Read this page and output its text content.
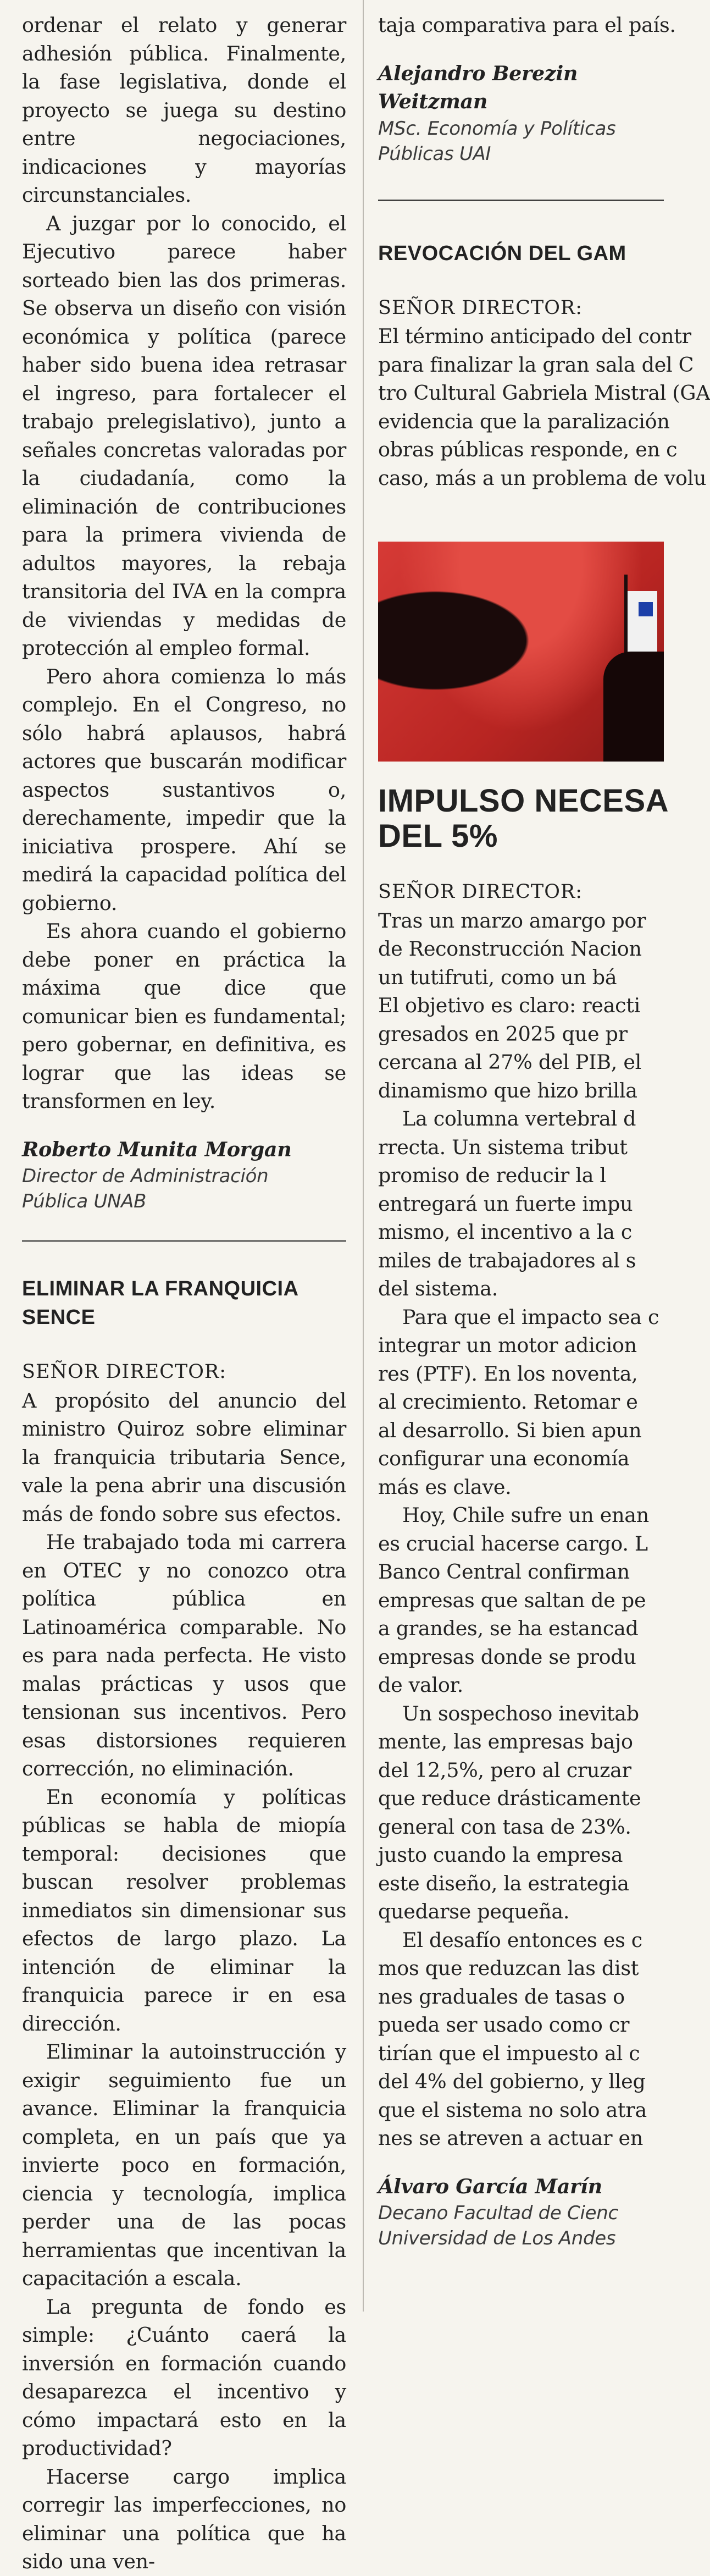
ordenar el relato y generar adhesión pública. Finalmente, la fase legislativa, donde el proyecto se juega su destino entre negociaciones, indicaciones y mayorías circunstanciales.

A juzgar por lo conocido, el Ejecutivo parece haber sorteado bien las dos primeras. Se observa un diseño con visión económica y política (parece haber sido buena idea retrasar el ingreso, para fortalecer el trabajo prelegislativo), junto a señales concretas valoradas por la ciudadanía, como la eliminación de contribuciones para la primera vivienda de adultos mayores, la rebaja transitoria del IVA en la compra de viviendas y medidas de protección al empleo formal.

Pero ahora comienza lo más complejo. En el Congreso, no sólo habrá aplausos, habrá actores que buscarán modificar aspectos sustantivos o, derechamente, impedir que la iniciativa prospere. Ahí se medirá la capacidad política del gobierno.

Es ahora cuando el gobierno debe poner en práctica la máxima que dice que comunicar bien es fundamental; pero gobernar, en definitiva, es lograr que las ideas se transformen en ley.

Roberto Munita Morgan
Director de Administración
Pública UNAB
ELIMINAR LA FRANQUICIA
SENCE
SEÑOR DIRECTOR:

A propósito del anuncio del ministro Quiroz sobre eliminar la franquicia tributaria Sence, vale la pena abrir una discusión más de fondo sobre sus efectos.

He trabajado toda mi carrera en OTEC y no conozco otra política pública en Latinoamérica comparable. No es para nada perfecta. He visto malas prácticas y usos que tensionan sus incentivos. Pero esas distorsiones requieren corrección, no eliminación.

En economía y políticas públicas se habla de miopía temporal: decisiones que buscan resolver problemas inmediatos sin dimensionar sus efectos de largo plazo. La intención de eliminar la franquicia parece ir en esa dirección.

Eliminar la autoinstrucción y exigir seguimiento fue un avance. Eliminar la franquicia completa, en un país que ya invierte poco en formación, ciencia y tecnología, implica perder una de las pocas herramientas que incentivan la capacitación a escala.

La pregunta de fondo es simple: ¿Cuánto caerá la inversión en formación cuando desaparezca el incentivo y cómo impactará esto en la productividad?

Hacerse cargo implica corregir las imperfecciones, no eliminar una política que ha sido una ven-

taja comparativa para el país.
Alejandro Berezin Weitzman
MSc. Economía y Políticas
Públicas UAI
REVOCACIÓN DEL GAM
SEÑOR DIRECTOR:
El término anticipado del contr
para finalizar la gran sala del C
tro Cultural Gabriela Mistral (GA
evidencia que la paralización
obras públicas responde, en c
caso, más a un problema de volu
IMPULSO NECESA
DEL 5%
SEÑOR DIRECTOR:
Tras un marzo amargo por
de Reconstrucción Nacion
un tutifruti, como un bá
El objetivo es claro: reacti
gresados en 2025 que pr
cercana al 27% del PIB, el
dinamismo que hizo brilla
La columna vertebral d
rrecta. Un sistema tribut
promiso de reducir la l
entregará un fuerte impu
mismo, el incentivo a la c
miles de trabajadores al s
del sistema.
Para que el impacto sea c
integrar un motor adicion
res (PTF). En los noventa,
al crecimiento. Retomar e
al desarrollo. Si bien apun
configurar una economía
más es clave.
Hoy, Chile sufre un enan
es crucial hacerse cargo. L
Banco Central confirman
empresas que saltan de pe
a grandes, se ha estancad
empresas donde se produ
de valor.
Un sospechoso inevitab
mente, las empresas bajo
del 12,5%, pero al cruzar
que reduce drásticamente
general con tasa de 23%.
justo cuando la empresa
este diseño, la estrategia
quedarse pequeña.
El desafío entonces es c
mos que reduzcan las dist
nes graduales de tasas o
pueda ser usado como cr
tirían que el impuesto al c
del 4% del gobierno, y lleg
que el sistema no solo atra
nes se atreven a actuar en
Álvaro García Marín
Decano Facultad de Cienc
Universidad de Los Andes
